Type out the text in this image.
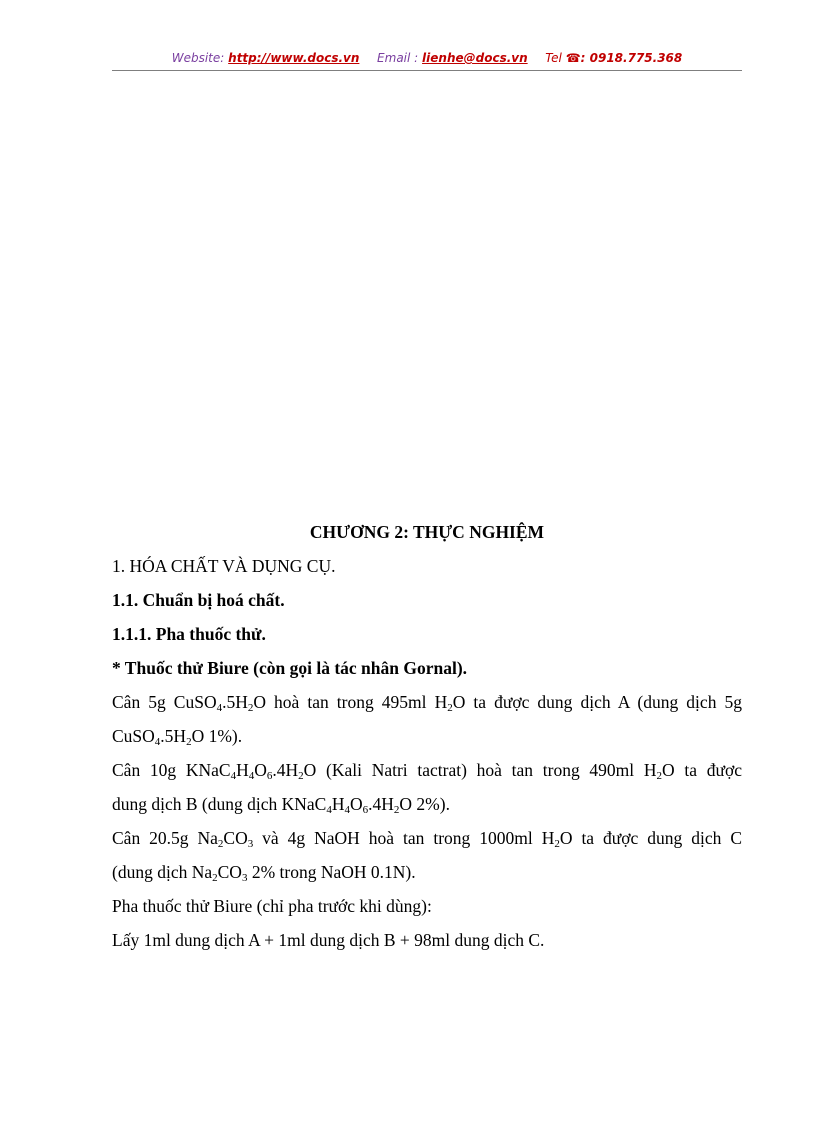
Website: http://www.docs.vn Email : lienhe@docs.vn Tel ☎: 0918.775.368

CHƯƠNG 2: THỰC NGHIỆM

1. HÓA CHẤT VÀ DỤNG CỤ.

1.1. Chuẩn bị hoá chất.

1.1.1. Pha thuốc thử.

* Thuốc thử Biure (còn gọi là tác nhân Gornal).

Cân 5g $CuSO_4.5H_2O$ hoà tan trong 495ml $H_2O$ ta được dung dịch A (dung dịch 5g

$CuSO_4.5H_2O$ 1%).

Cân 10g $KNaC_4H_4O_6.4H_2O$ (Kali Natri tactrat) hoà tan trong 490ml $H_2O$ ta được

dung dịch B (dung dịch $KNaC_4H_4O_6.4H_2O$ 2%).

Cân 20.5g $Na_2CO_3$ và 4g NaOH hoà tan trong 1000ml $H_2O$ ta được dung dịch C

(dung dịch $Na_2CO_3$ 2% trong NaOH 0.1N).

Pha thuốc thử Biure (chỉ pha trước khi dùng):

Lấy 1ml dung dịch A + 1ml dung dịch B + 98ml dung dịch C.
